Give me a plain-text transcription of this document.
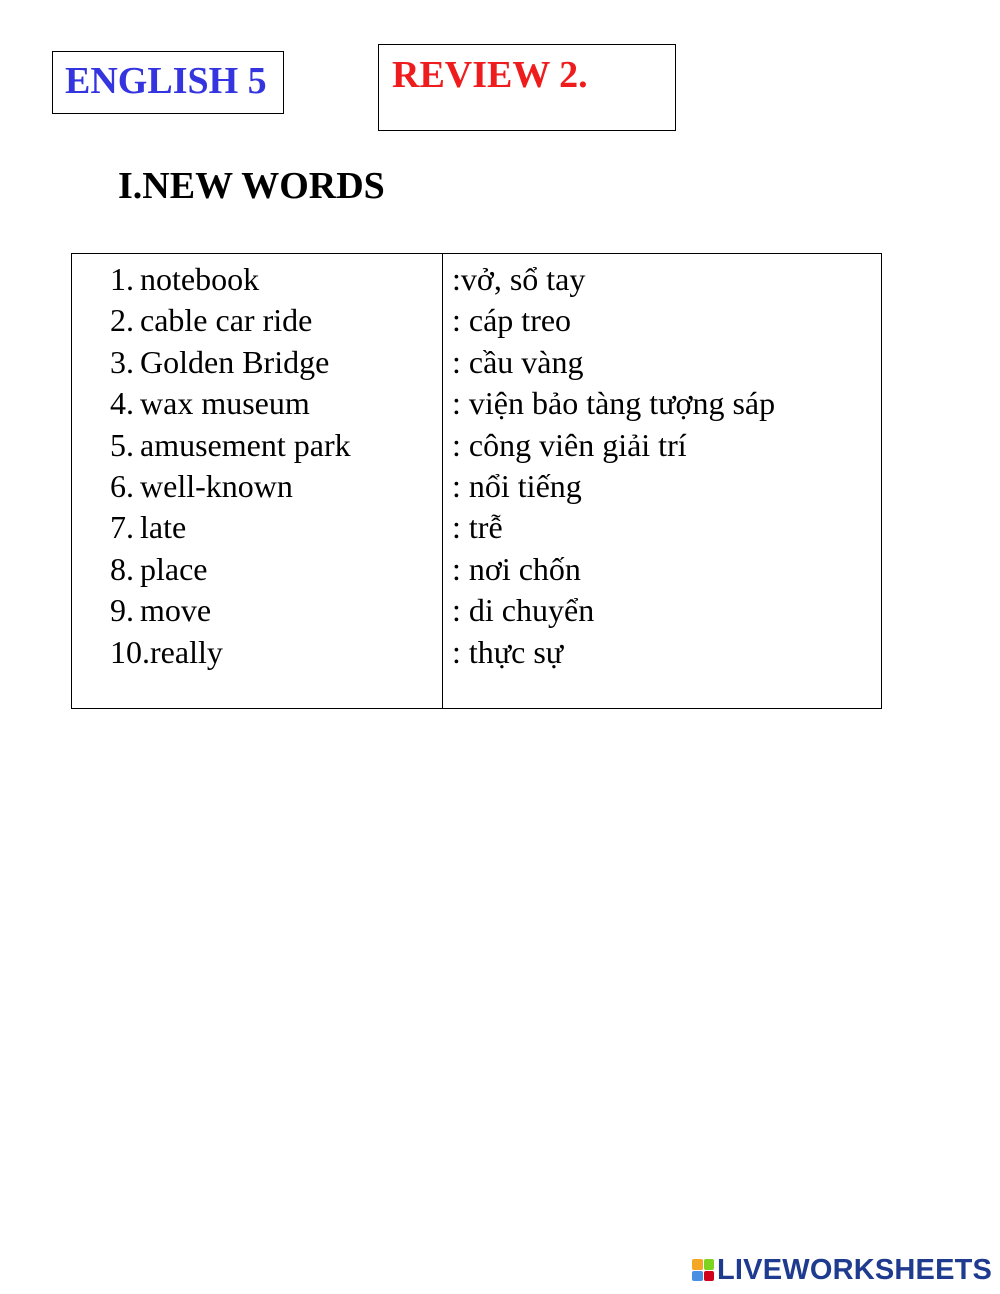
ENGLISH 5	REVIEW 2.
I.NEW WORDS
1. notebook
2. cable car ride
3. Golden Bridge
4. wax museum
5. amusement park
6. well-known
7. late
8. place
9. move
10.really
:vở, sổ tay
: cáp treo
: cầu vàng
: viện bảo tàng tượng sáp
: công viên giải trí
: nổi tiếng
: trễ
: nơi chốn
: di chuyển
: thực sự
LIVEWORKSHEETS
